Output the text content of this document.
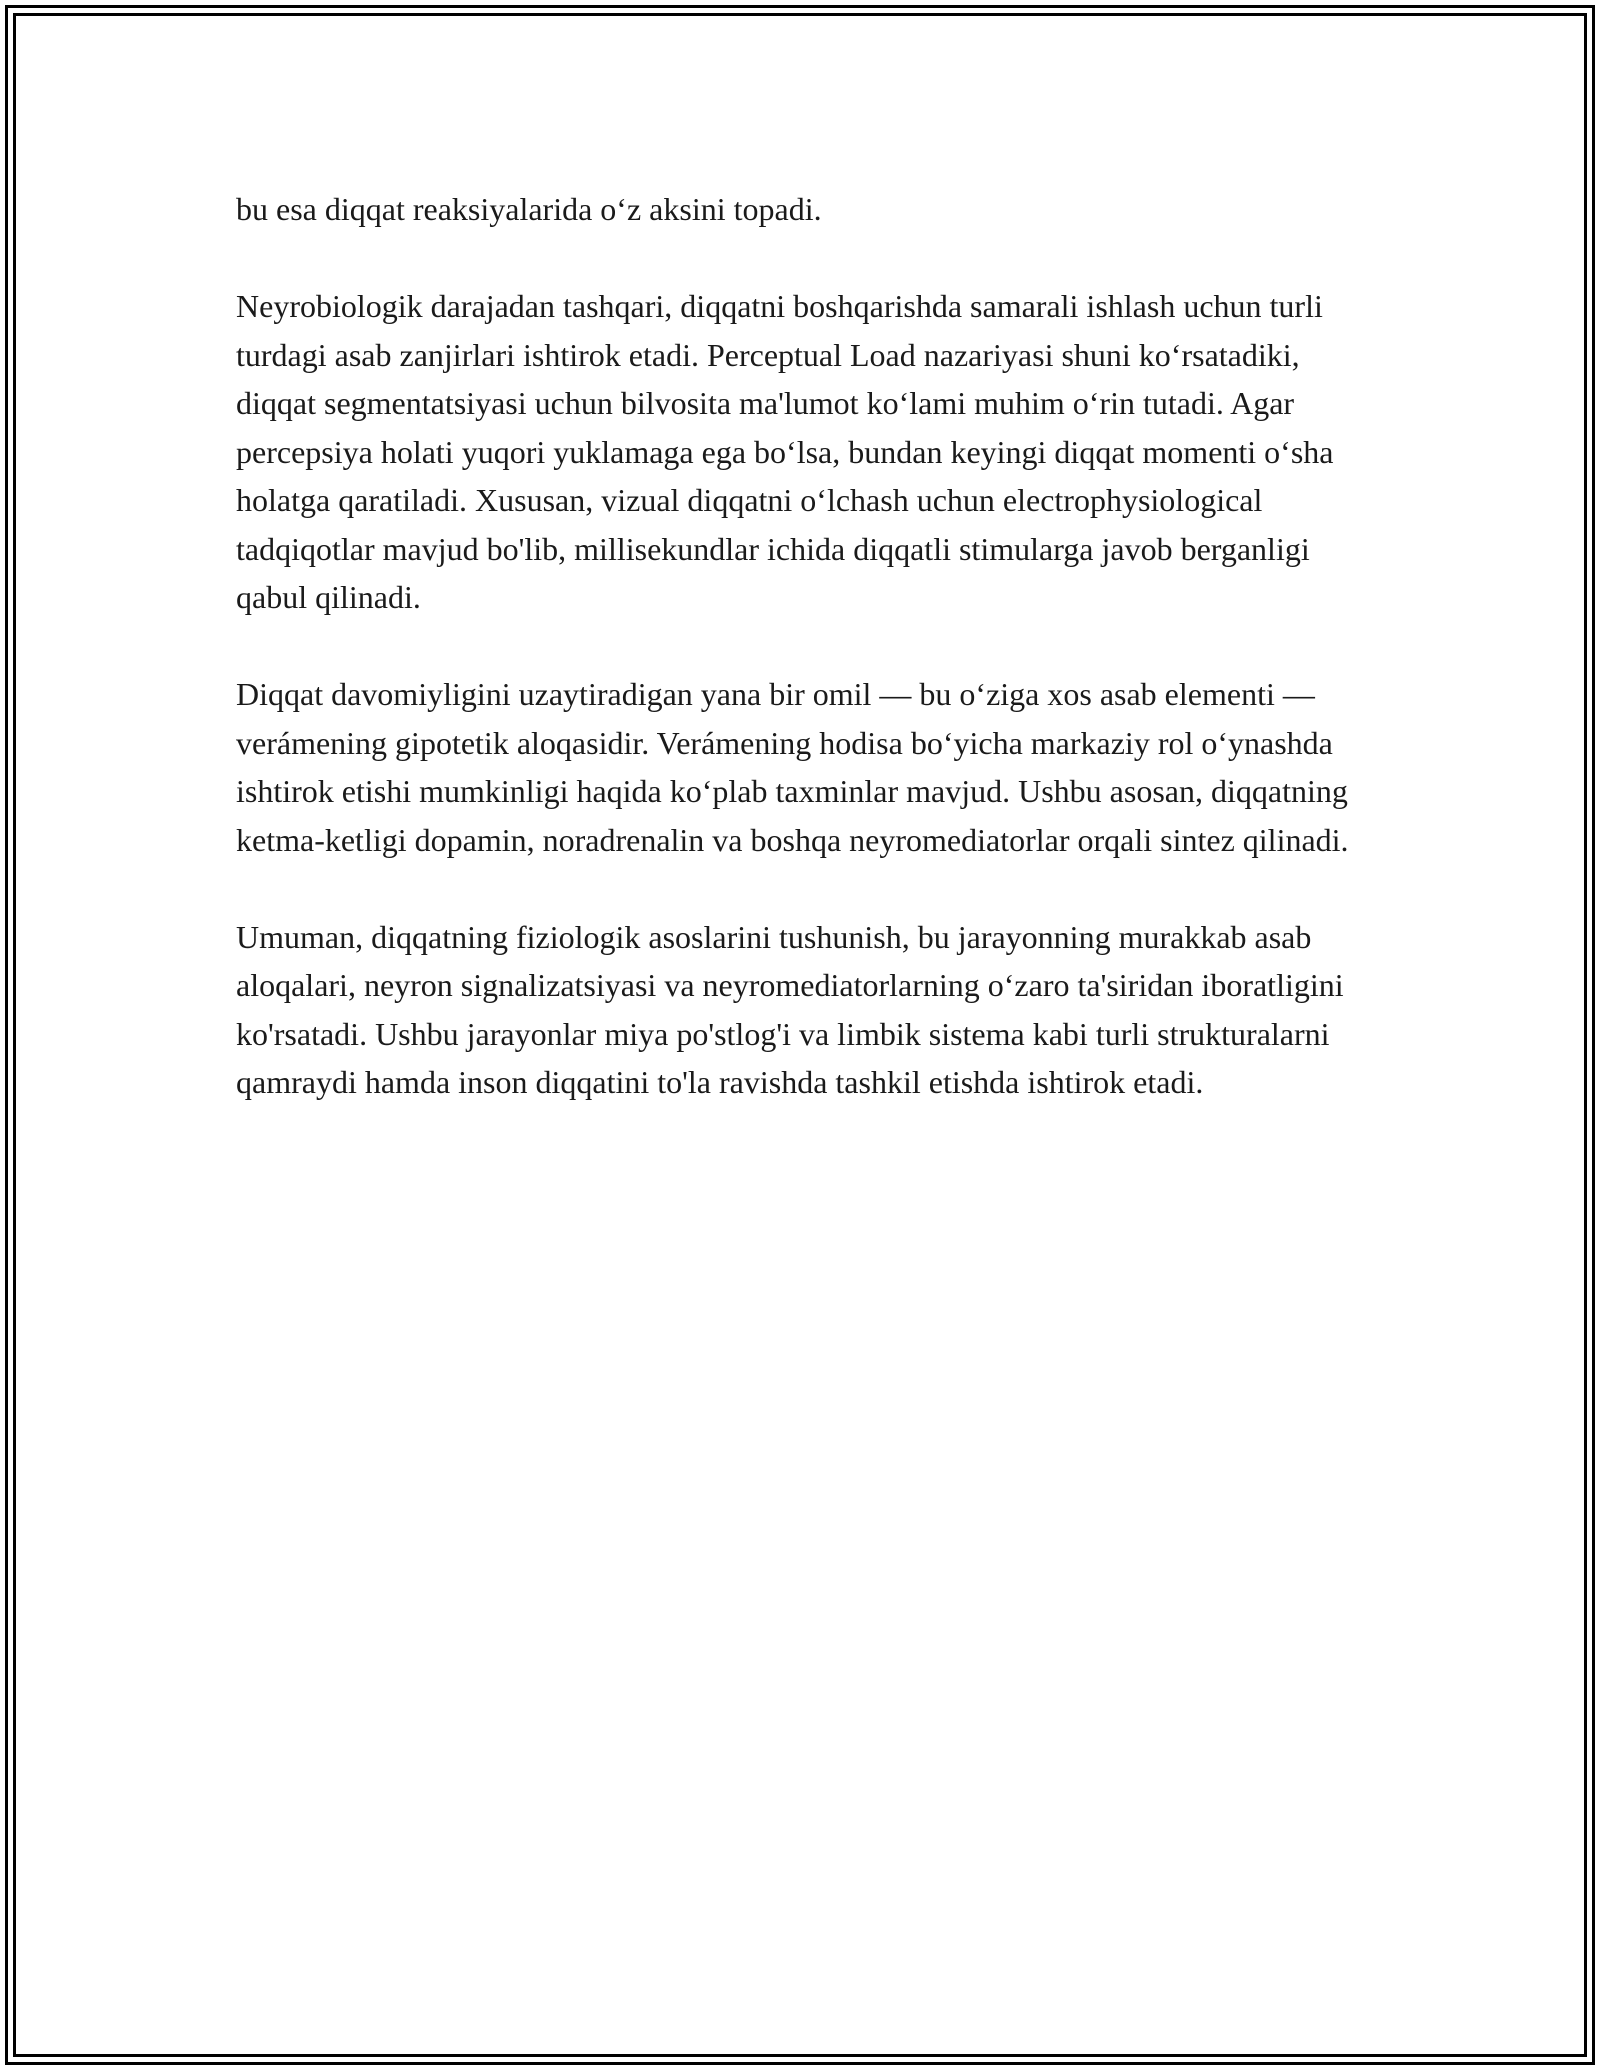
bu esa diqqat reaksiyalarida o‘z aksini topadi.

Neyrobiologik darajadan tashqari, diqqatni boshqarishda samarali ishlash uchun turli turdagi asab zanjirlari ishtirok etadi. Perceptual Load nazariyasi shuni ko‘rsatadiki, diqqat segmentatsiyasi uchun bilvosita ma'lumot ko‘lami muhim o‘rin tutadi. Agar percepsiya holati yuqori yuklamaga ega bo‘lsa, bundan keyingi diqqat momenti o‘sha holatga qaratiladi. Xususan, vizual diqqatni o‘lchash uchun electrophysiological tadqiqotlar mavjud bo'lib, millisekundlar ichida diqqatli stimularga javob berganligi qabul qilinadi.

Diqqat davomiyligini uzaytiradigan yana bir omil — bu o‘ziga xos asab elementi — verámening gipotetik aloqasidir. Verámening hodisa bo‘yicha markaziy rol o‘ynashda ishtirok etishi mumkinligi haqida ko‘plab taxminlar mavjud. Ushbu asosan, diqqatning ketma-ketligi dopamin, noradrenalin va boshqa neyromediatorlar orqali sintez qilinadi.

Umuman, diqqatning fiziologik asoslarini tushunish, bu jarayonning murakkab asab aloqalari, neyron signalizatsiyasi va neyromediatorlarning o‘zaro ta'siridan iboratligini ko'rsatadi. Ushbu jarayonlar miya po'stlog'i va limbik sistema kabi turli strukturalarni qamraydi hamda inson diqqatini to'la ravishda tashkil etishda ishtirok etadi.
